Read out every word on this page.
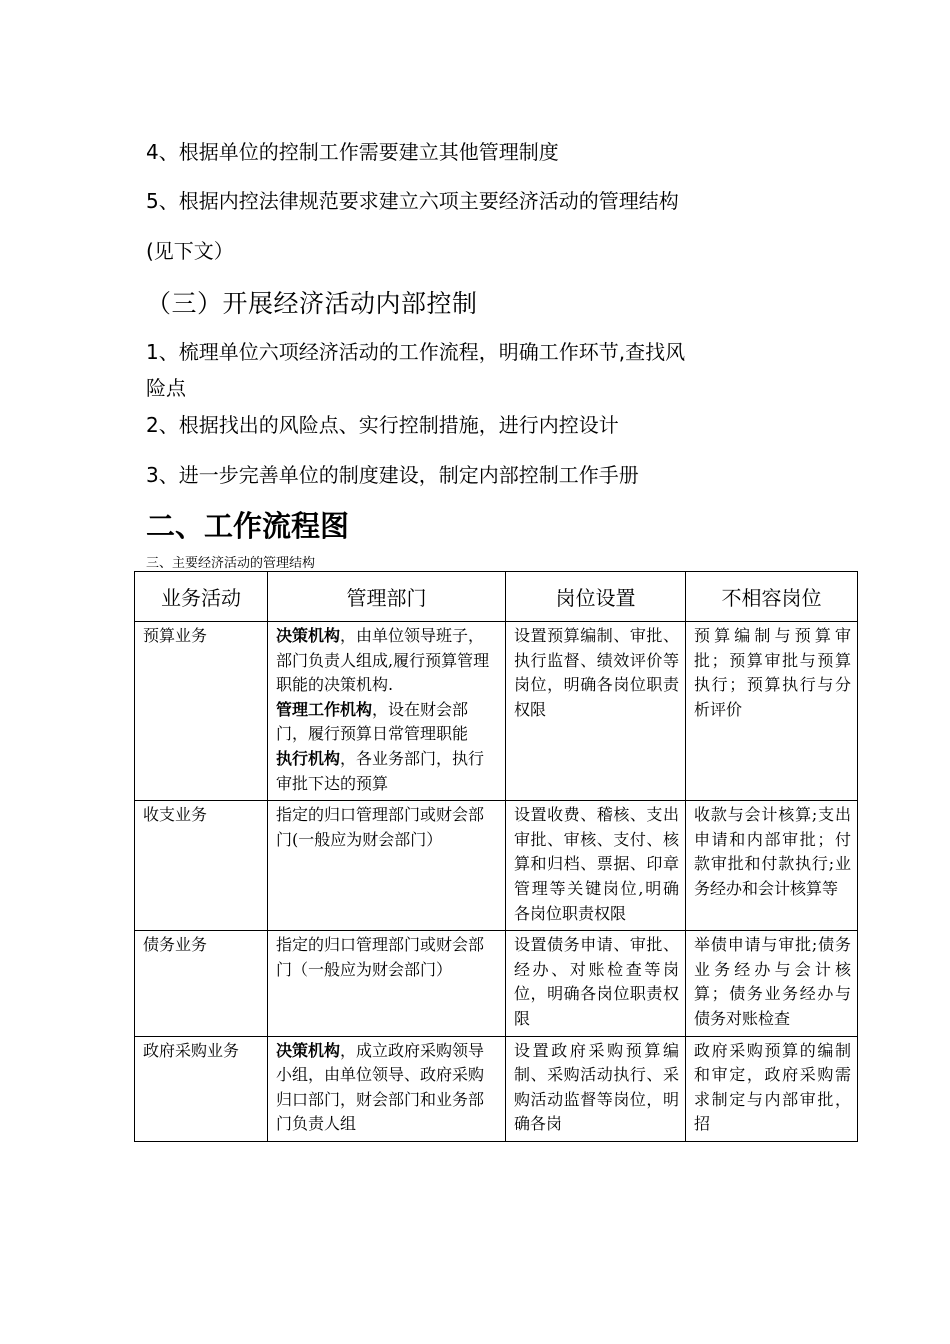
4、根据单位的控制工作需要建立其他管理制度
5、根据内控法律规范要求建立六项主要经济活动的管理结构
(见下文）
（三）开展经济活动内部控制
1、梳理单位六项经济活动的工作流程，明确工作环节,查找风
险点
2、根据找出的风险点、实行控制措施，进行内控设计
3、进一步完善单位的制度建设，制定内部控制工作手册
二、工作流程图
三、主要经济活动的管理结构
业务活动	管理部门	岗位设置	不相容岗位
预算业务	决策机构，由单位领导班子，部门负责人组成,履行预算管理职能的决策机构.
管理工作机构，设在财会部门，履行预算日常管理职能
执行机构，各业务部门，执行审批下达的预算	设置预算编制、审批、执行监督、绩效评价等岗位，明确各岗位职责权限	预算编制与预算审批；预算审批与预算执行；预算执行与分析评价
收支业务	指定的归口管理部门或财会部门(一般应为财会部门）	设置收费、稽核、支出审批、审核、支付、核算和归档、票据、印章管理等关键岗位,明确各岗位职责权限	收款与会计核算;支出申请和内部审批；付款审批和付款执行;业务经办和会计核算等
债务业务	指定的归口管理部门或财会部门（一般应为财会部门）	设置债务申请、审批、经办、对账检查等岗位，明确各岗位职责权限	举债申请与审批;债务业务经办与会计核算；债务业务经办与债务对账检查
政府采购业务	决策机构，成立政府采购领导小组，由单位领导、政府采购归口部门，财会部门和业务部门负责人组	设置政府采购预算编制、采购活动执行、采购活动监督等岗位，明确各岗	政府采购预算的编制和审定，政府采购需求制定与内部审批，招
